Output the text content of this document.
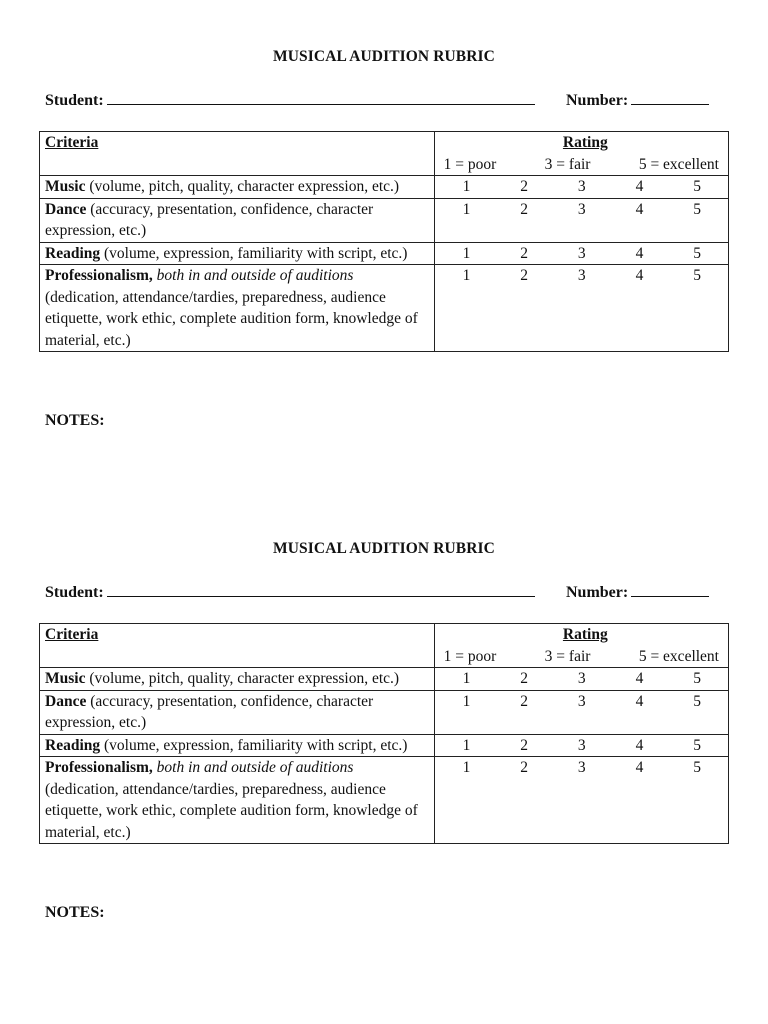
MUSICAL AUDITION RUBRIC
Student:	Number:
Criteria	Rating
1 = poor 3 = fair 5 = excellent

Music (volume, pitch, quality, character expression, etc.)	1 2 3 4 5

Dance (accuracy, presentation, confidence, character expression, etc.)	1 2 3 4 5

Reading (volume, expression, familiarity with script, etc.)	1 2 3 4 5

Professionalism, both in and outside of auditions (dedication, attendance/tardies, preparedness, audience etiquette, work ethic, complete audition form, knowledge of material, etc.)	1 2 3 4 5
NOTES:
MUSICAL AUDITION RUBRIC
Student:	Number:
Criteria	Rating
1 = poor 3 = fair 5 = excellent

Music (volume, pitch, quality, character expression, etc.)	1 2 3 4 5

Dance (accuracy, presentation, confidence, character expression, etc.)	1 2 3 4 5

Reading (volume, expression, familiarity with script, etc.)	1 2 3 4 5

Professionalism, both in and outside of auditions (dedication, attendance/tardies, preparedness, audience etiquette, work ethic, complete audition form, knowledge of material, etc.)	1 2 3 4 5
NOTES:
